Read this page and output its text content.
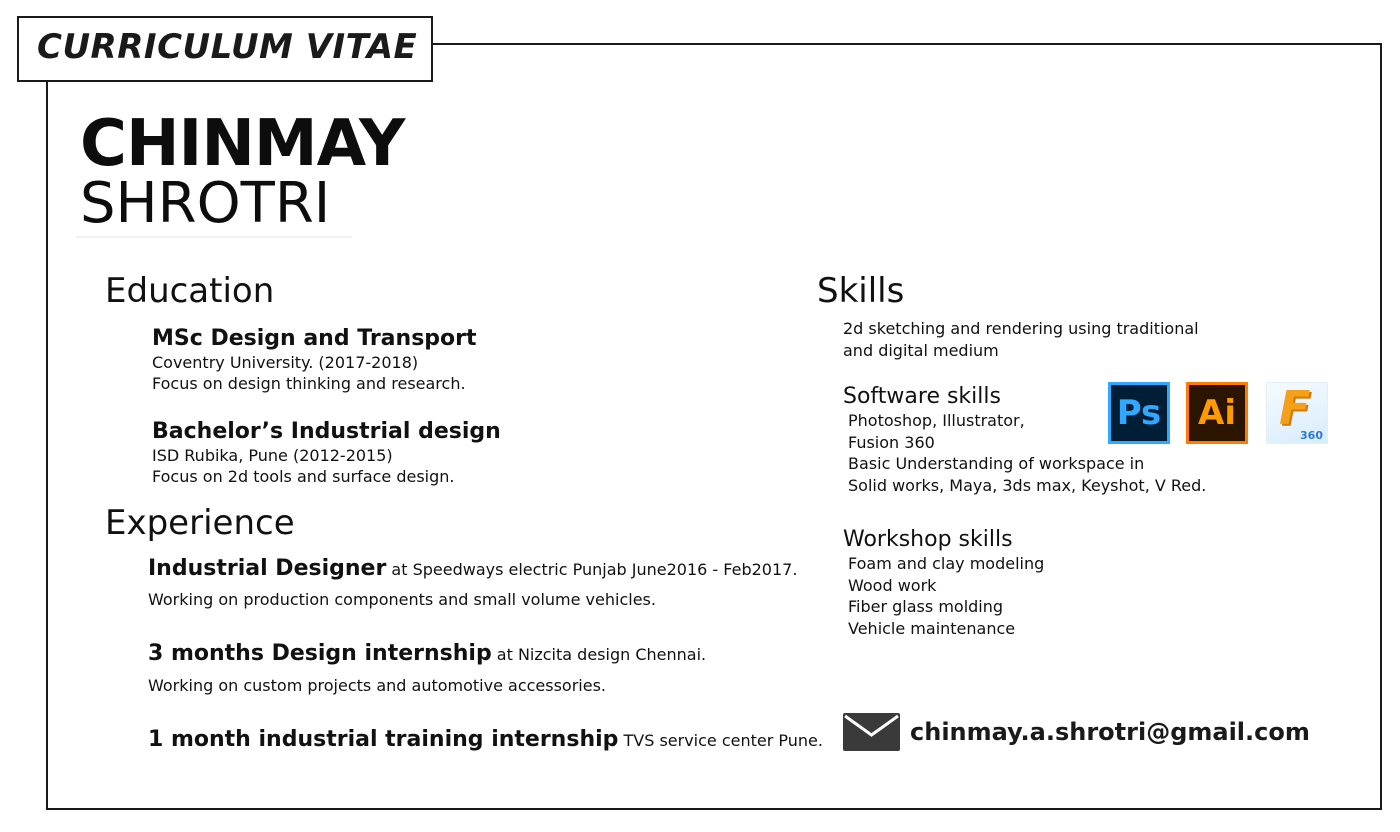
CURRICULUM VITAE
CHINMAY
SHROTRI
Education
MSc Design and Transport
Coventry University. (2017-2018)
Focus on design thinking and research.
Bachelor’s Industrial design
ISD Rubika, Pune (2012-2015)
Focus on 2d tools and surface design.
Experience
Industrial Designer at Speedways electric Punjab June2016 - Feb2017.
Working on production components and small volume vehicles.
3 months Design internship at Nizcita design Chennai.
Working on custom projects and automotive accessories.
1 month industrial training internship TVS service center Pune.
Skills
2d sketching and rendering using traditional
and digital medium
Software skills
Photoshop, Illustrator,
Fusion 360
Basic Understanding of workspace in
Solid works, Maya, 3ds max, Keyshot, V Red.
Ps	Ai F
360
Workshop skills
Foam and clay modeling
Wood work
Fiber glass molding
Vehicle maintenance
chinmay.a.shrotri@gmail.com
